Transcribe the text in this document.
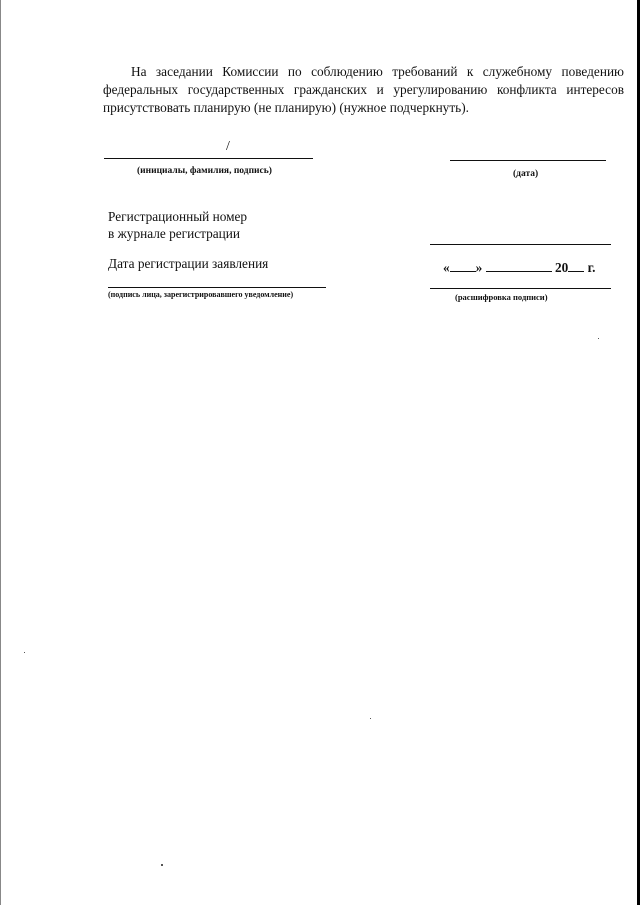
На заседании Комиссии по соблюдению требований к служебному поведению
федеральных государственных гражданских и урегулированию конфликта интересов
присутствовать планирую (не планирую) (нужное подчеркнуть).
/
(инициалы, фамилия, подпись)	(дата)
Регистрационный номер
в журнале регистрации
Дата регистрации заявления	« »	20 г.
(подпись лица, зарегистрировавшего уведомление)	(расшифровка подписи)
